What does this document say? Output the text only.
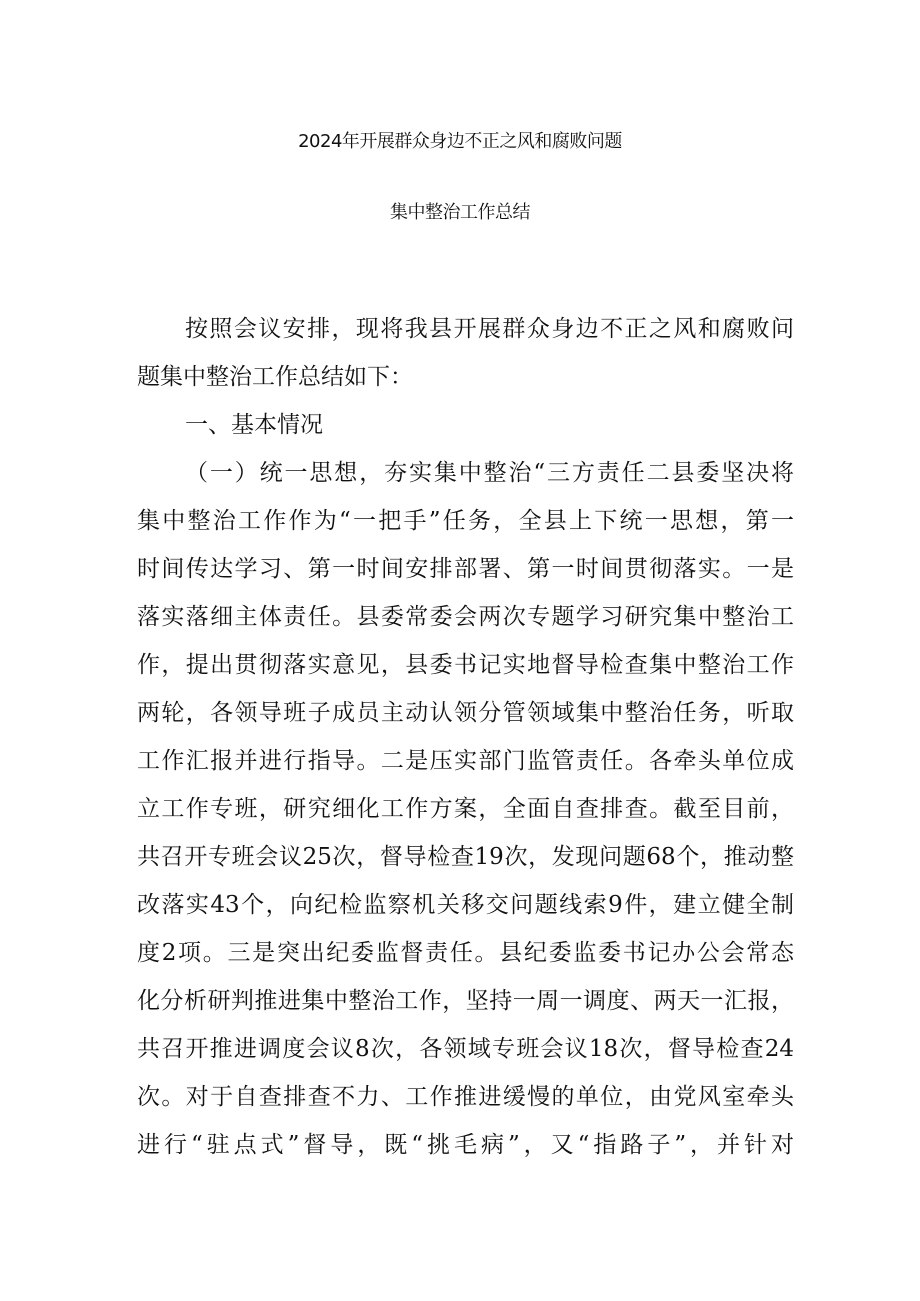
2024年开展群众身边不正之风和腐败问题
集中整治工作总结
按照会议安排，现将我县开展群众身边不正之风和腐败问
题集中整治工作总结如下：
一、基本情况
（一）统一思想，夯实集中整治“三方责任二县委坚决将
集中整治工作作为“一把手”任务，全县上下统一思想，第一
时间传达学习、第一时间安排部署、第一时间贯彻落实。一是
落实落细主体责任。县委常委会两次专题学习研究集中整治工
作，提出贯彻落实意见，县委书记实地督导检查集中整治工作
两轮，各领导班子成员主动认领分管领域集中整治任务，听取
工作汇报并进行指导。二是压实部门监管责任。各牵头单位成
立工作专班，研究细化工作方案，全面自查排查。截至目前，
共召开专班会议25次，督导检查19次，发现问题68个，推动整
改落实43个，向纪检监察机关移交问题线索9件，建立健全制
度2项。三是突出纪委监督责任。县纪委监委书记办公会常态
化分析研判推进集中整治工作，坚持一周一调度、两天一汇报，
共召开推进调度会议8次，各领域专班会议18次，督导检查24
次。对于自查排查不力、工作推进缓慢的单位，由党风室牵头
进行“驻点式”督导，既“挑毛病”，又“指路子”，并针对
